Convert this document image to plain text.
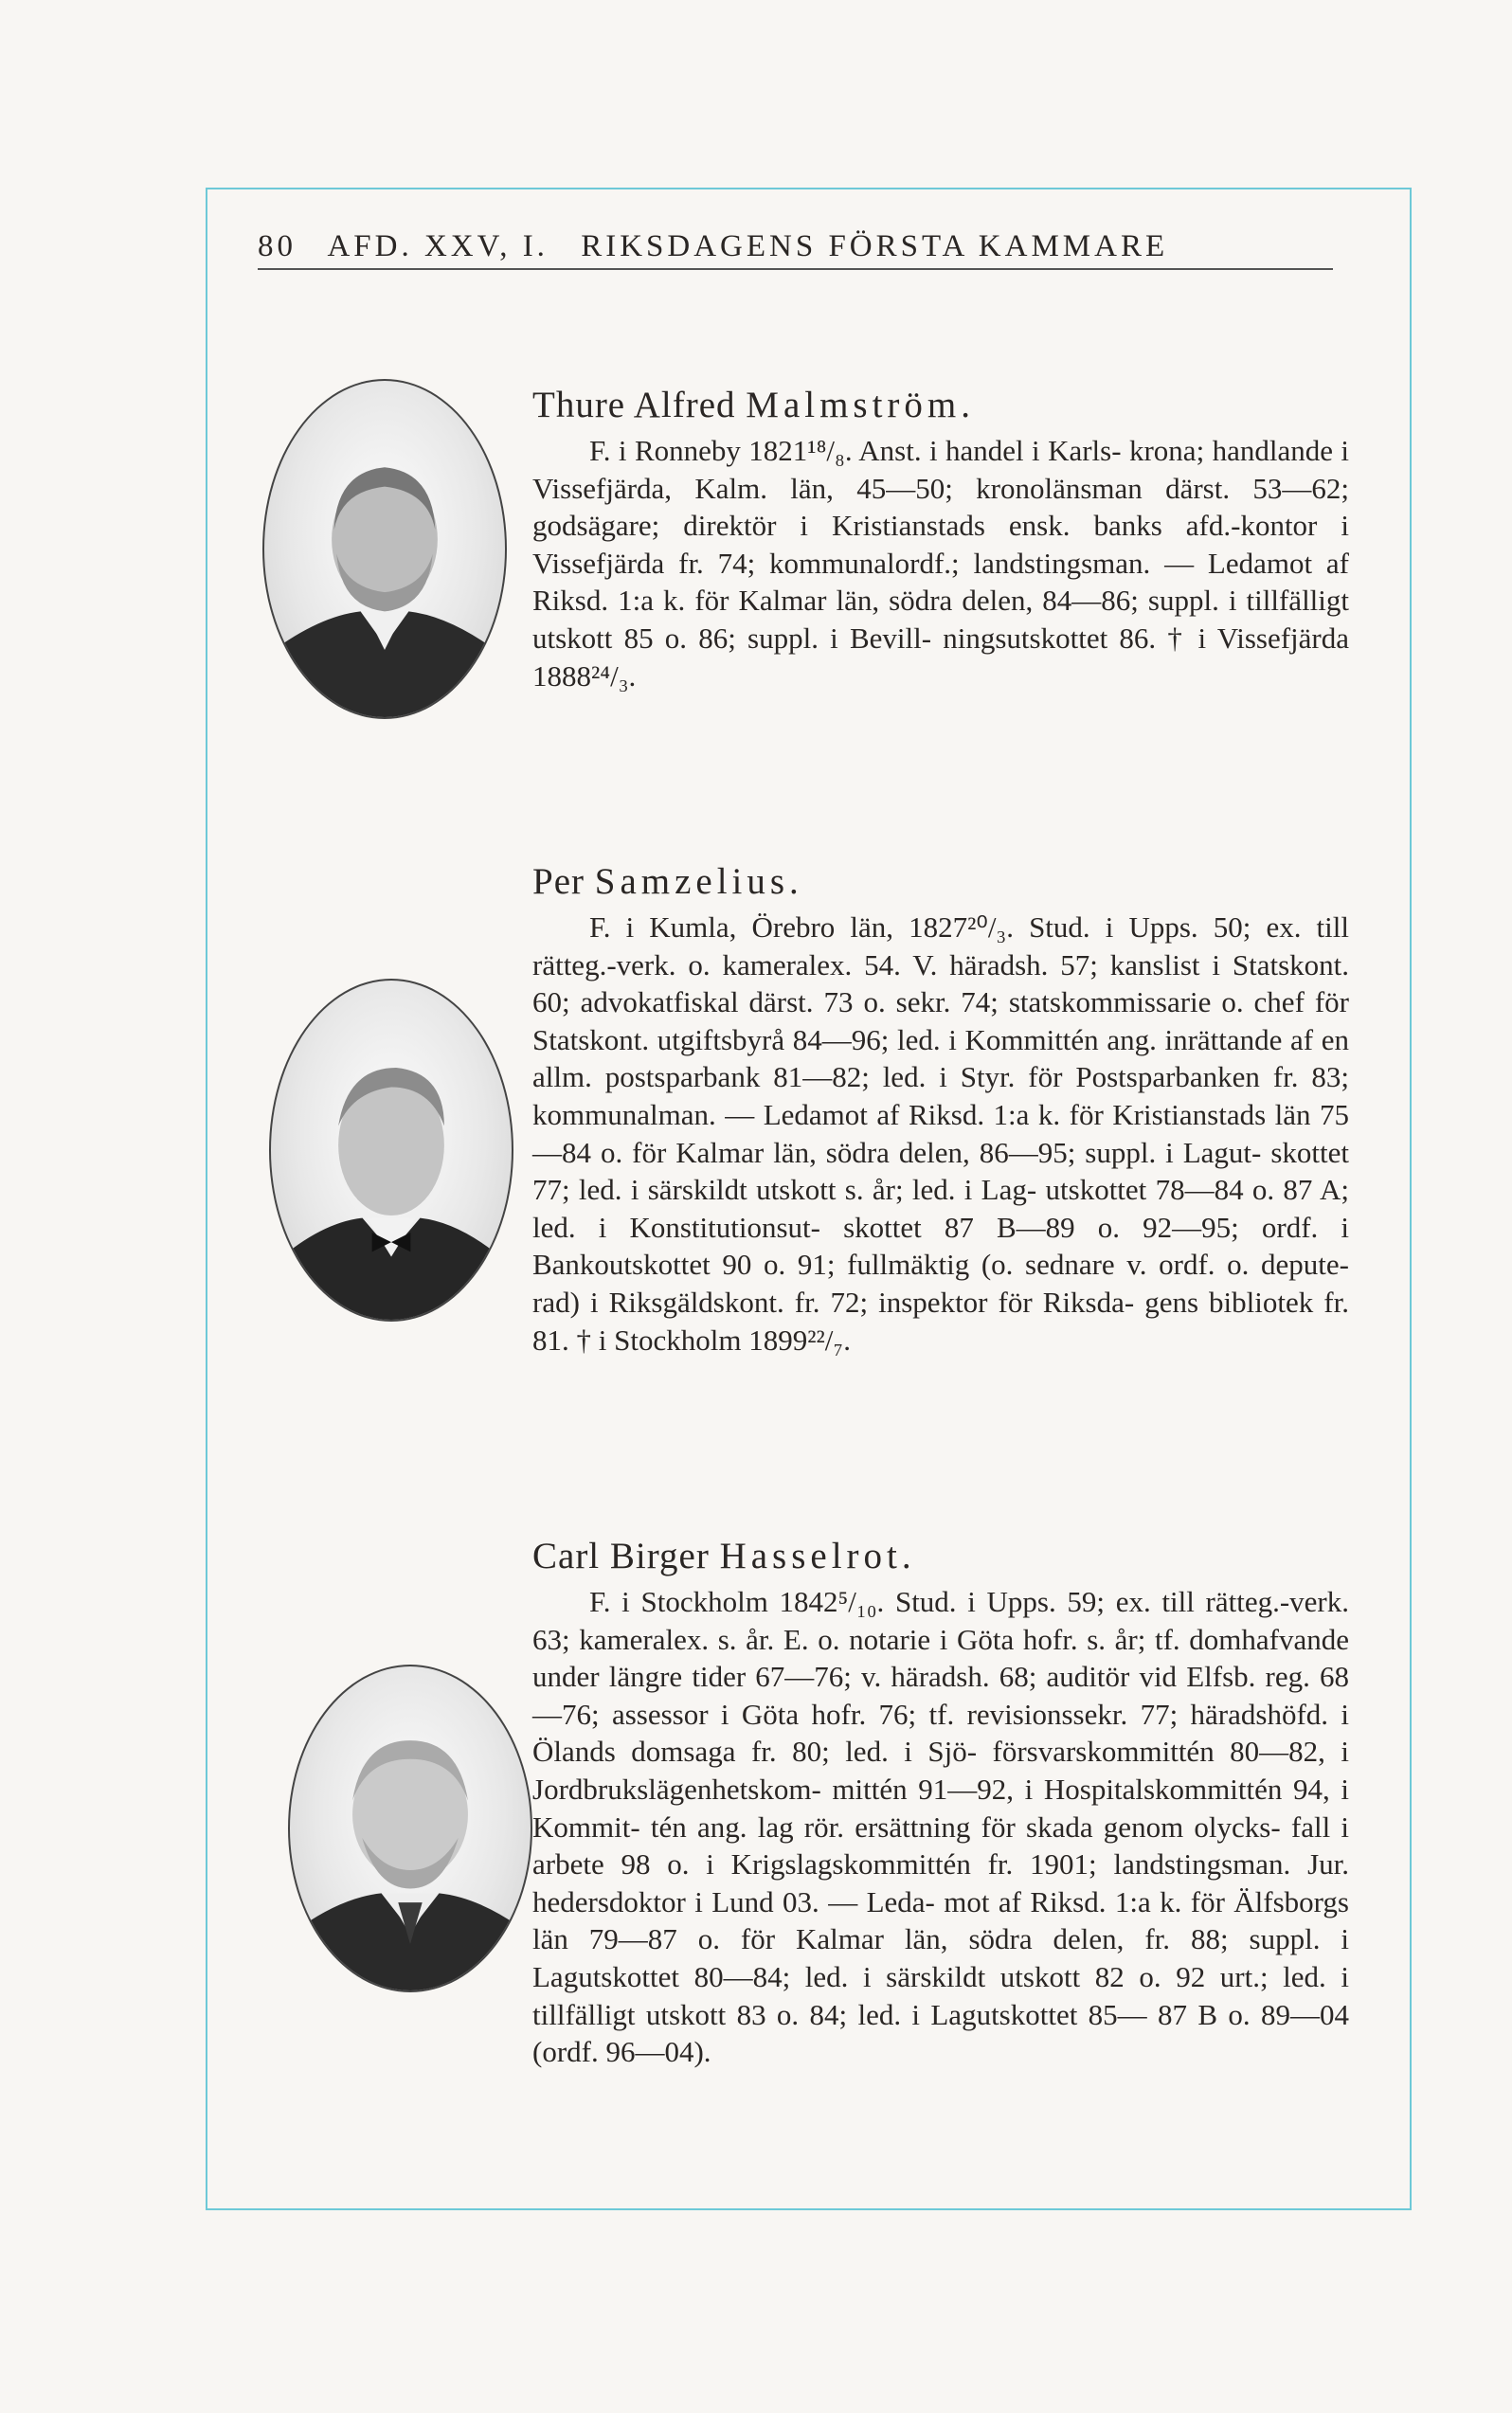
80 AFD. XXV, I. RIKSDAGENS FÖRSTA KAMMARE

Thure Alfred Malmström.

F. i Ronneby 1821¹⁸/₈. Anst. i handel i Karls- krona; handlande i Vissefjärda, Kalm. län, 45—50; kronolänsman därst. 53—62; godsägare; direktör i Kristianstads ensk. banks afd.-kontor i Vissefjärda fr. 74; kommunalordf.; landstingsman. — Ledamot af Riksd. 1:a k. för Kalmar län, södra delen, 84—86; suppl. i tillfälligt utskott 85 o. 86; suppl. i Bevill- ningsutskottet 86. † i Vissefjärda 1888²⁴/₃.

Per Samzelius.

F. i Kumla, Örebro län, 1827²⁰/₃. Stud. i Upps. 50; ex. till rätteg.-verk. o. kameralex. 54. V. häradsh. 57; kanslist i Statskont. 60; advokatfiskal därst. 73 o. sekr. 74; statskommissarie o. chef för Statskont. utgiftsbyrå 84—96; led. i Kommittén ang. inrättande af en allm. postsparbank 81—82; led. i Styr. för Postsparbanken fr. 83; kommunalman. — Ledamot af Riksd. 1:a k. för Kristianstads län 75—84 o. för Kalmar län, södra delen, 86—95; suppl. i Lagut- skottet 77; led. i särskildt utskott s. år; led. i Lag- utskottet 78—84 o. 87 A; led. i Konstitutionsut- skottet 87 B—89 o. 92—95; ordf. i Bankoutskottet 90 o. 91; fullmäktig (o. sednare v. ordf. o. depute- rad) i Riksgäldskont. fr. 72; inspektor för Riksda- gens bibliotek fr. 81. † i Stockholm 1899²²/₇.

Carl Birger Hasselrot.

F. i Stockholm 1842⁵/₁₀. Stud. i Upps. 59; ex. till rätteg.-verk. 63; kameralex. s. år. E. o. notarie i Göta hofr. s. år; tf. domhafvande under längre tider 67—76; v. häradsh. 68; auditör vid Elfsb. reg. 68—76; assessor i Göta hofr. 76; tf. revisionssekr. 77; häradshöfd. i Ölands domsaga fr. 80; led. i Sjö- försvarskommittén 80—82, i Jordbrukslägenhetskom- mittén 91—92, i Hospitalskommittén 94, i Kommit- tén ang. lag rör. ersättning för skada genom olycks- fall i arbete 98 o. i Krigslagskommittén fr. 1901; landstingsman. Jur. hedersdoktor i Lund 03. — Leda- mot af Riksd. 1:a k. för Älfsborgs län 79—87 o. för Kalmar län, södra delen, fr. 88; suppl. i Lagutskottet 80—84; led. i särskildt utskott 82 o. 92 urt.; led. i tillfälligt utskott 83 o. 84; led. i Lagutskottet 85— 87 B o. 89—04 (ordf. 96—04).
